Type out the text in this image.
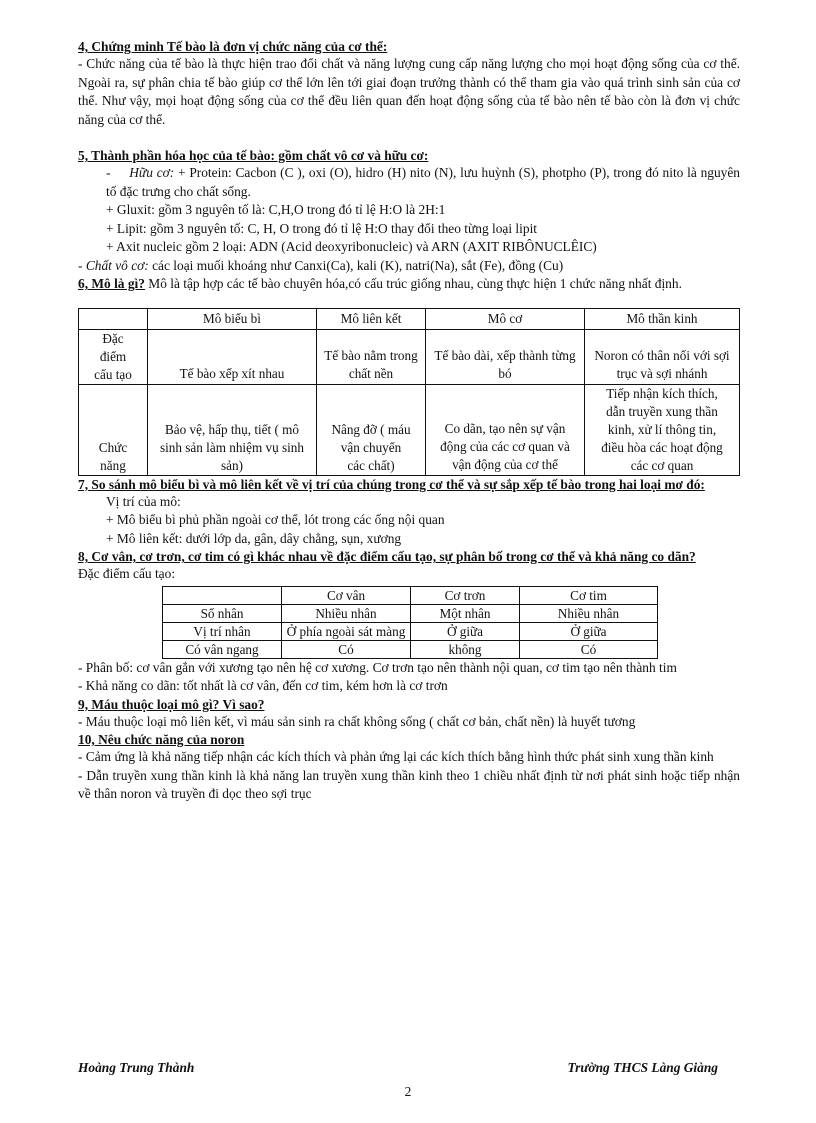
4, Chứng minh Tế bào là đơn vị chức năng của cơ thể:

- Chức năng của tế bào là thực hiện trao đổi chất và năng lượng cung cấp năng lượng cho mọi hoạt động sống của cơ thể. Ngoài ra, sự phân chia tế bào giúp cơ thể lớn lên tới giai đoạn trưởng thành có thể tham gia vào quá trình sinh sản của cơ thể. Như vậy, mọi hoạt động sống của cơ thể đều liên quan đến hoạt động sống của tế bào nên tế bào còn là đơn vị chức năng của cơ thể.

5, Thành phần hóa học của tế bào: gồm chất vô cơ và hữu cơ:

-     Hữu cơ: + Protein: Cacbon (C ), oxi (O), hidro (H) nito (N), lưu huỳnh (S), photpho (P), trong đó nito là nguyên tố đặc trưng cho chất sống.

+ Gluxit: gồm 3 nguyên tố là: C,H,O trong đó tỉ lệ H:O là 2H:1

+ Lipit: gồm 3 nguyên tố: C, H, O trong đó tỉ lệ H:O thay đổi theo từng loại lipit

+ Axit nucleic gồm 2 loại: ADN (Acid deoxyribonucleic) và ARN (AXIT RIBÔNUCLÊIC)

- Chất vô cơ: các loại muối khoáng như Canxi(Ca), kali (K), natri(Na), sắt (Fe), đồng (Cu)

6, Mô là gì? Mô là tập hợp các tế bào chuyên hóa,có cấu trúc giống nhau, cùng thực hiện 1 chức năng nhất định.

	Mô biểu bì	Mô liên kết	Mô cơ	Mô thần kinh
Đặc điểm cấu tạo	Tế bào xếp xít nhau	Tế bào nằm trong chất nền	Tế bào dài, xếp thành từng bó	Noron có thân nối với sợi trục và sợi nhánh
Chức năng	Bảo vệ, hấp thụ, tiết ( mô sinh sản làm nhiệm vụ sinh sản)	Nâng đỡ ( máu vận chuyển các chất)	Co dãn, tạo nên sự vận động của các cơ quan và vận động của cơ thể	Tiếp nhận kích thích, dẫn truyền xung thần kinh, xử lí thông tin, điều hòa các hoạt động các cơ quan

7, So sánh mô biểu bì và mô liên kết về vị trí của chúng trong cơ thể và sự sắp xếp tế bào trong hai loại mơ đó:

Vị trí của mô:

+ Mô biểu bì phủ phần ngoài cơ thể, lót trong các ống nội quan

+ Mô liên kết: dưới lớp da, gân, dây chằng, sụn, xương

8, Cơ vân, cơ trơn, cơ tim có gì khác nhau về đặc điểm cấu tạo, sự phân bố trong cơ thể và khả năng co dãn?

Đặc điểm cấu tạo:

	Cơ vân	Cơ trơn	Cơ tim
Số nhân	Nhiều nhân	Một nhân	Nhiều nhân
Vị trí nhân	Ở phía ngoài sát màng	Ở giữa	Ở giữa
Có vân ngang	Có	không	Có

- Phân bố: cơ vân gắn với xương tạo nên hệ cơ xương. Cơ trơn tạo nên thành nội quan, cơ tim tạo nên thành tim

- Khả năng co dãn: tốt nhất là cơ vân, đến cơ tim, kém hơn là cơ trơn

9, Máu thuộc loại mô gì? Vì sao?

- Máu thuộc loại mô liên kết, vì máu sản sinh ra chất không sống ( chất cơ bản, chất nền) là huyết tương

10, Nêu chức năng của noron

- Cảm ứng là khả năng tiếp nhận các kích thích và phản ứng lại các kích thích bằng hình thức phát sinh xung thần kinh

- Dẫn truyền xung thần kinh là khả năng lan truyền xung thần kinh theo 1 chiều nhất định từ nơi phát sinh hoặc tiếp nhận về thân noron và truyền đi dọc theo sợi trục

Hoàng Trung Thành	Trường THCS Làng Giàng
2
